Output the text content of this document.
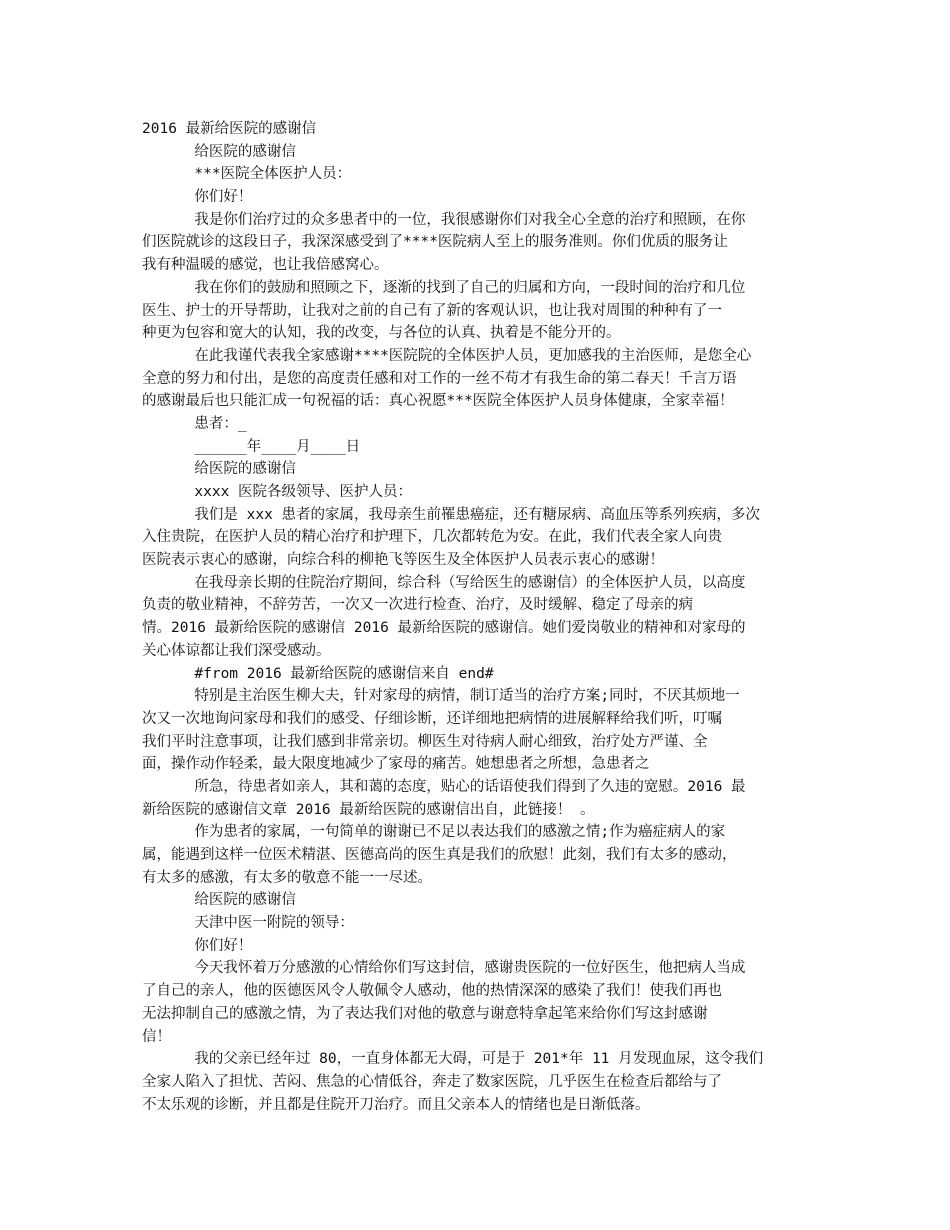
2016 最新给医院的感谢信
给医院的感谢信
***医院全体医护人员：
你们好！
我是你们治疗过的众多患者中的一位，我很感谢你们对我全心全意的治疗和照顾，在你
们医院就诊的这段日子，我深深感受到了****医院病人至上的服务准则。你们优质的服务让
我有种温暖的感觉，也让我倍感窝心。
我在你们的鼓励和照顾之下，逐渐的找到了自己的归属和方向，一段时间的治疗和几位
医生、护士的开导帮助，让我对之前的自己有了新的客观认识，也让我对周围的种种有了一
种更为包容和宽大的认知，我的改变，与各位的认真、执着是不能分开的。
在此我谨代表我全家感谢****医院院的全体医护人员，更加感我的主治医师，是您全心
全意的努力和付出，是您的高度责任感和对工作的一丝不苟才有我生命的第二春天！千言万语
的感谢最后也只能汇成一句祝福的话：真心祝愿***医院全体医护人员身体健康，全家幸福！
患者：_
______年____月____日
给医院的感谢信
xxxx 医院各级领导、医护人员：
我们是 xxx 患者的家属，我母亲生前罹患癌症，还有糖尿病、高血压等系列疾病，多次
入住贵院，在医护人员的精心治疗和护理下，几次都转危为安。在此，我们代表全家人向贵
医院表示衷心的感谢，向综合科的柳艳飞等医生及全体医护人员表示衷心的感谢！
在我母亲长期的住院治疗期间，综合科（写给医生的感谢信）的全体医护人员，以高度
负责的敬业精神，不辞劳苦，一次又一次进行检查、治疗，及时缓解、稳定了母亲的病
情。2016 最新给医院的感谢信 2016 最新给医院的感谢信。她们爱岗敬业的精神和对家母的
关心体谅都让我们深受感动。
#from 2016 最新给医院的感谢信来自 end#
特别是主治医生柳大夫，针对家母的病情，制订适当的治疗方案;同时，不厌其烦地一
次又一次地询问家母和我们的感受、仔细诊断，还详细地把病情的进展解释给我们听，叮嘱
我们平时注意事项，让我们感到非常亲切。柳医生对待病人耐心细致，治疗处方严谨、全
面，操作动作轻柔，最大限度地减少了家母的痛苦。她想患者之所想，急患者之
所急，待患者如亲人，其和蔼的态度，贴心的话语使我们得到了久违的宽慰。2016 最
新给医院的感谢信文章 2016 最新给医院的感谢信出自，此链接！ 。
作为患者的家属，一句简单的谢谢已不足以表达我们的感激之情;作为癌症病人的家
属，能遇到这样一位医术精湛、医德高尚的医生真是我们的欣慰！此刻，我们有太多的感动，
有太多的感激，有太多的敬意不能一一尽述。
给医院的感谢信
天津中医一附院的领导：
你们好！
今天我怀着万分感激的心情给你们写这封信，感谢贵医院的一位好医生，他把病人当成
了自己的亲人，他的医德医风令人敬佩令人感动，他的热情深深的感染了我们！使我们再也
无法抑制自己的感激之情，为了表达我们对他的敬意与谢意特拿起笔来给你们写这封感谢
信！
我的父亲已经年过 80，一直身体都无大碍，可是于 201*年 11 月发现血尿，这令我们
全家人陷入了担忧、苦闷、焦急的心情低谷，奔走了数家医院，几乎医生在检查后都给与了
不太乐观的诊断，并且都是住院开刀治疗。而且父亲本人的情绪也是日渐低落。
